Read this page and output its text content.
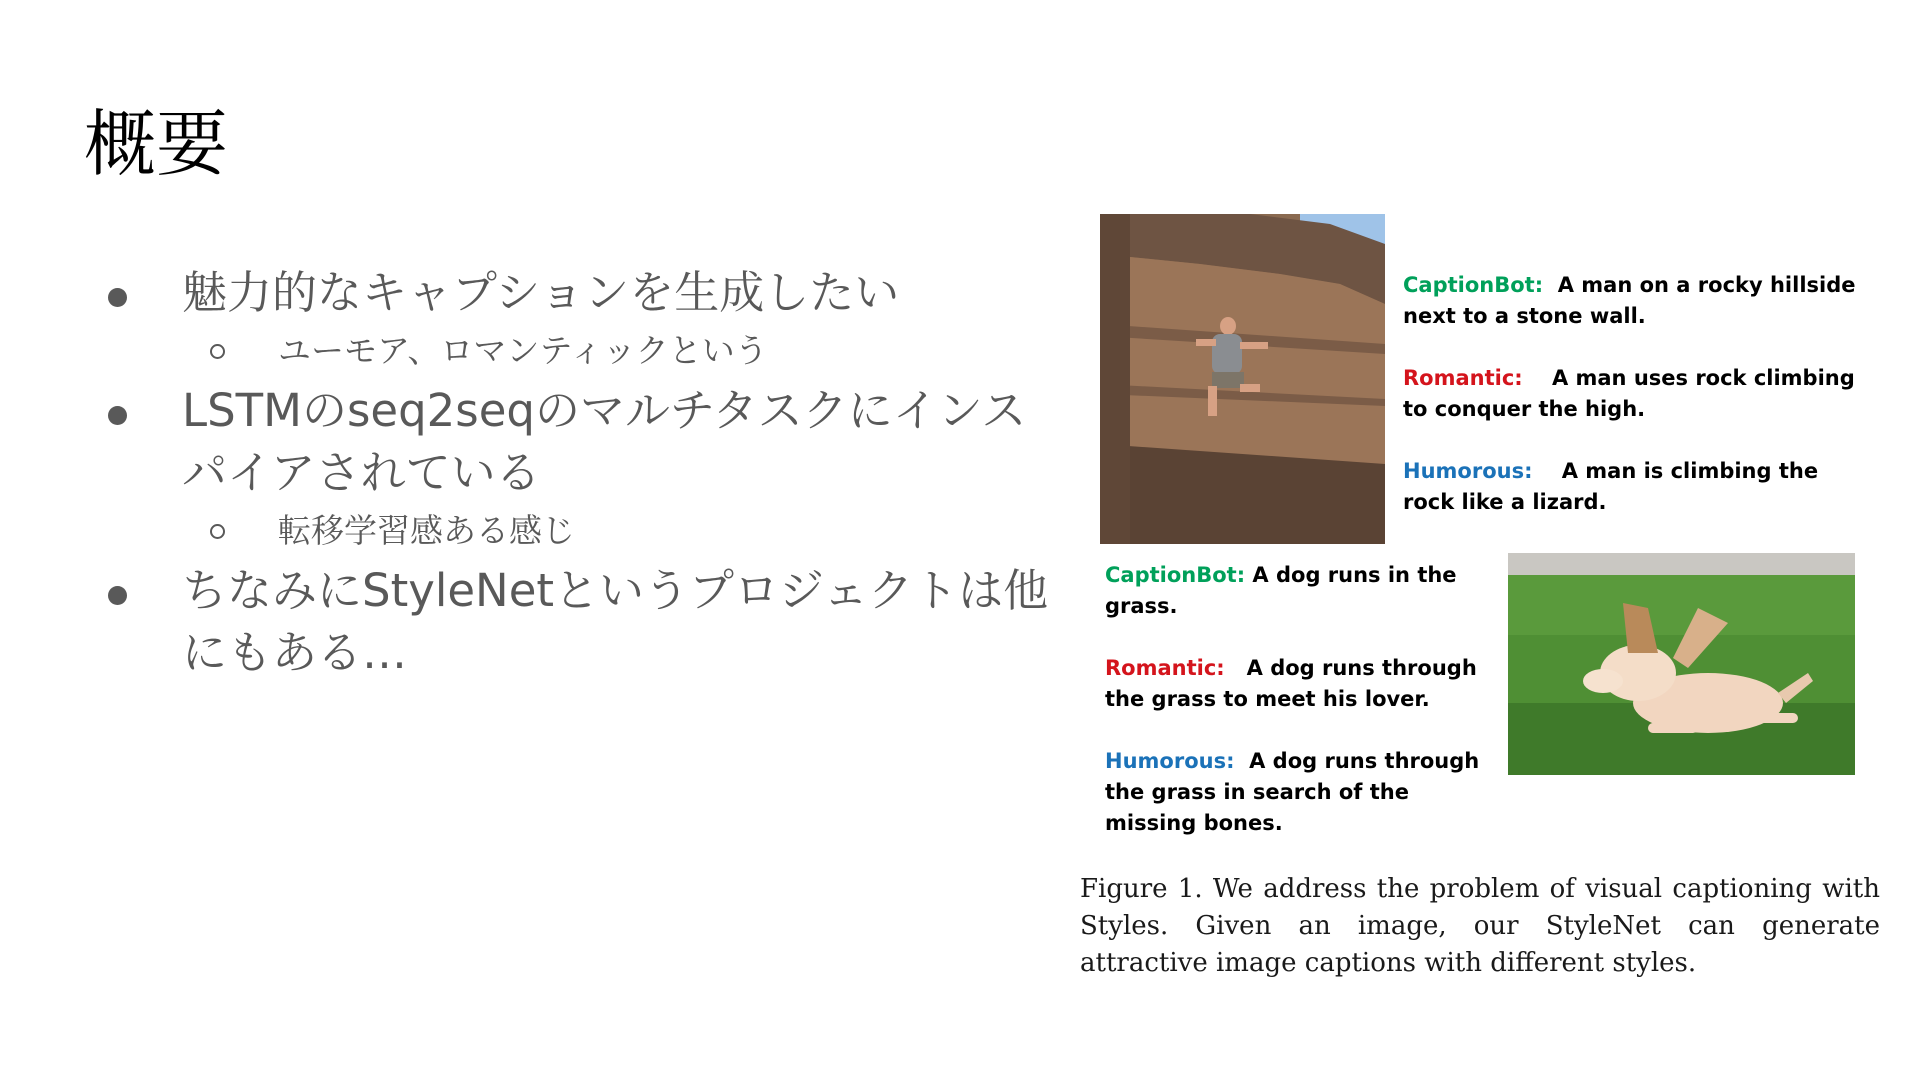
概要
魅力的なキャプションを生成したい
ユーモア、ロマンティックという
LSTMのseq2seqのマルチタスクにインスパイアされている
転移学習感ある感じ
ちなみにStyleNetというプロジェクトは他にもある…
CaptionBot: A man on a rocky hillside next to a stone wall.
Romantic: A man uses rock climbing to conquer the high.
Humorous: A man is climbing the rock like a lizard.
CaptionBot: A dog runs in the grass.
Romantic: A dog runs through the grass to meet his lover.
Humorous: A dog runs through the grass in search of the missing bones.

Figure 1. We address the problem of visual captioning with Styles. Given an image, our StyleNet can generate attractive image captions with different styles.
